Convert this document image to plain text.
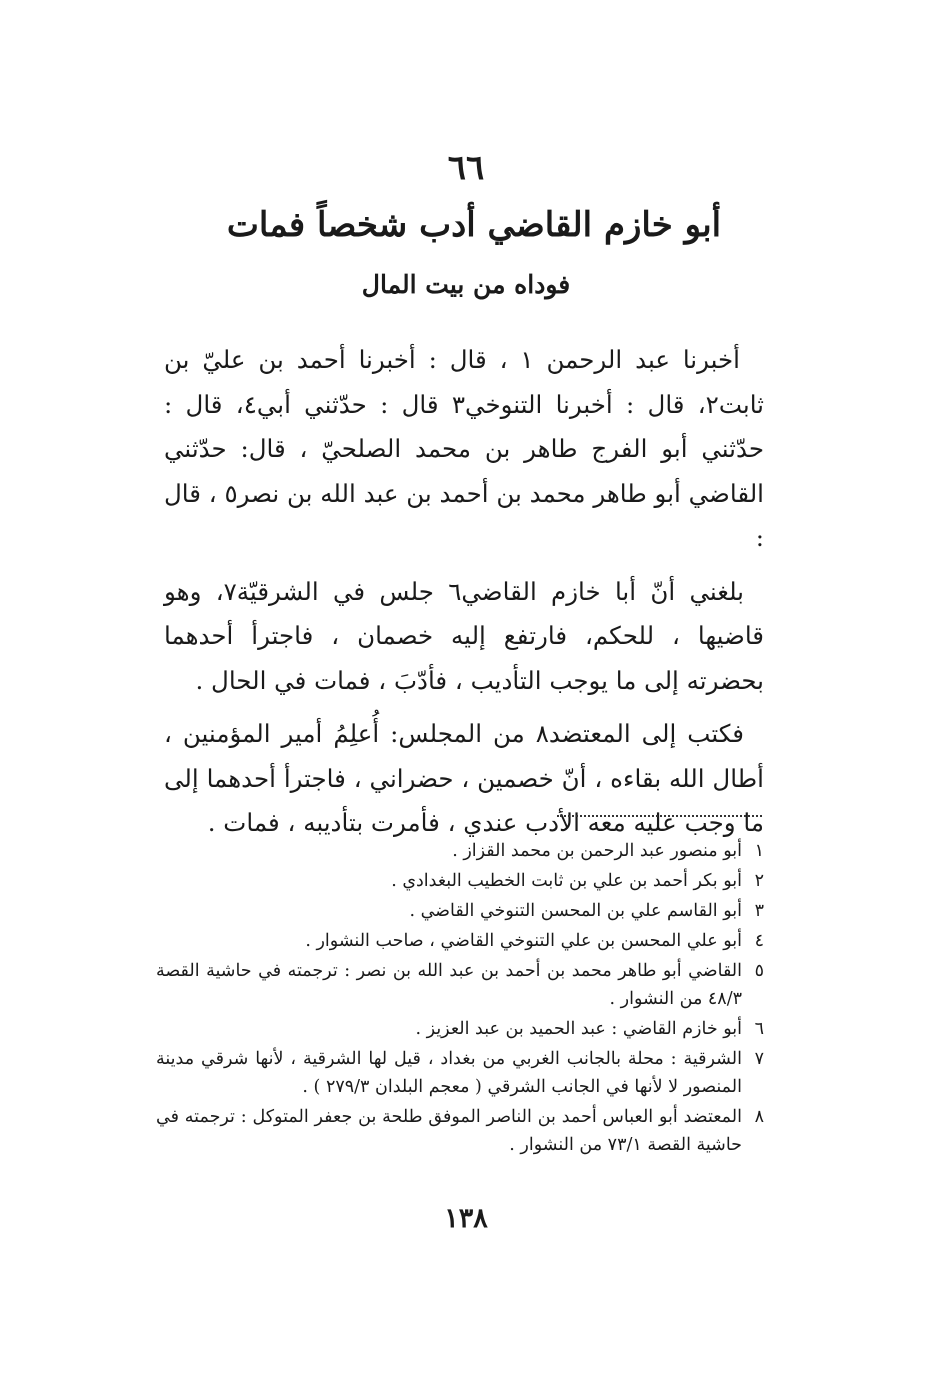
٦٦
أبو خازم القاضي أدب شخصاً فمات
فوداه من بيت المال

أخبرنا عبد الرحمن ١ ، قال : أخبرنا أحمد بن عليّ بن ثابت٢، قال : أخبرنا التنوخي٣ قال : حدّثني أبي٤، قال : حدّثني أبو الفرج طاهر بن محمد الصلحيّ ، قال: حدّثني القاضي أبو طاهر محمد بن أحمد بن عبد الله بن نصر٥ ، قال :

بلغني أنّ أبا خازم القاضي٦ جلس في الشرقيّة٧، وهو قاضيها ، للحكم، فارتفع إليه خصمان ، فاجترأ أحدهما بحضرته إلى ما يوجب التأديب ، فأدّبَ ، فمات في الحال .

فكتب إلى المعتضد٨ من المجلس: أُعلِمُ أمير المؤمنين ، أطال الله بقاءه ، أنّ خصمين ، حضراني ، فاجترأ أحدهما إلى ما وجب عليه معه الأدب عندي ، فأمرت بتأديبه ، فمات .

١
أبو منصور عبد الرحمن بن محمد القزاز .
٢
أبو بكر أحمد بن علي بن ثابت الخطيب البغدادي .
٣
أبو القاسم علي بن المحسن التنوخي القاضي .
٤
أبو علي المحسن بن علي التنوخي القاضي ، صاحب النشوار .
٥
القاضي أبو طاهر محمد بن أحمد بن عبد الله بن نصر : ترجمته في حاشية القصة ٤٨/٣ من النشوار .
٦
أبو خازم القاضي : عبد الحميد بن عبد العزيز .
٧
الشرقية : محلة بالجانب الغربي من بغداد ، قيل لها الشرقية ، لأنها شرقي مدينة المنصور لا لأنها في الجانب الشرقي ( معجم البلدان ٢٧٩/٣ ) .
٨
المعتضد أبو العباس أحمد بن الناصر الموفق طلحة بن جعفر المتوكل : ترجمته في حاشية القصة ٧٣/١ من النشوار .
١٣٨
